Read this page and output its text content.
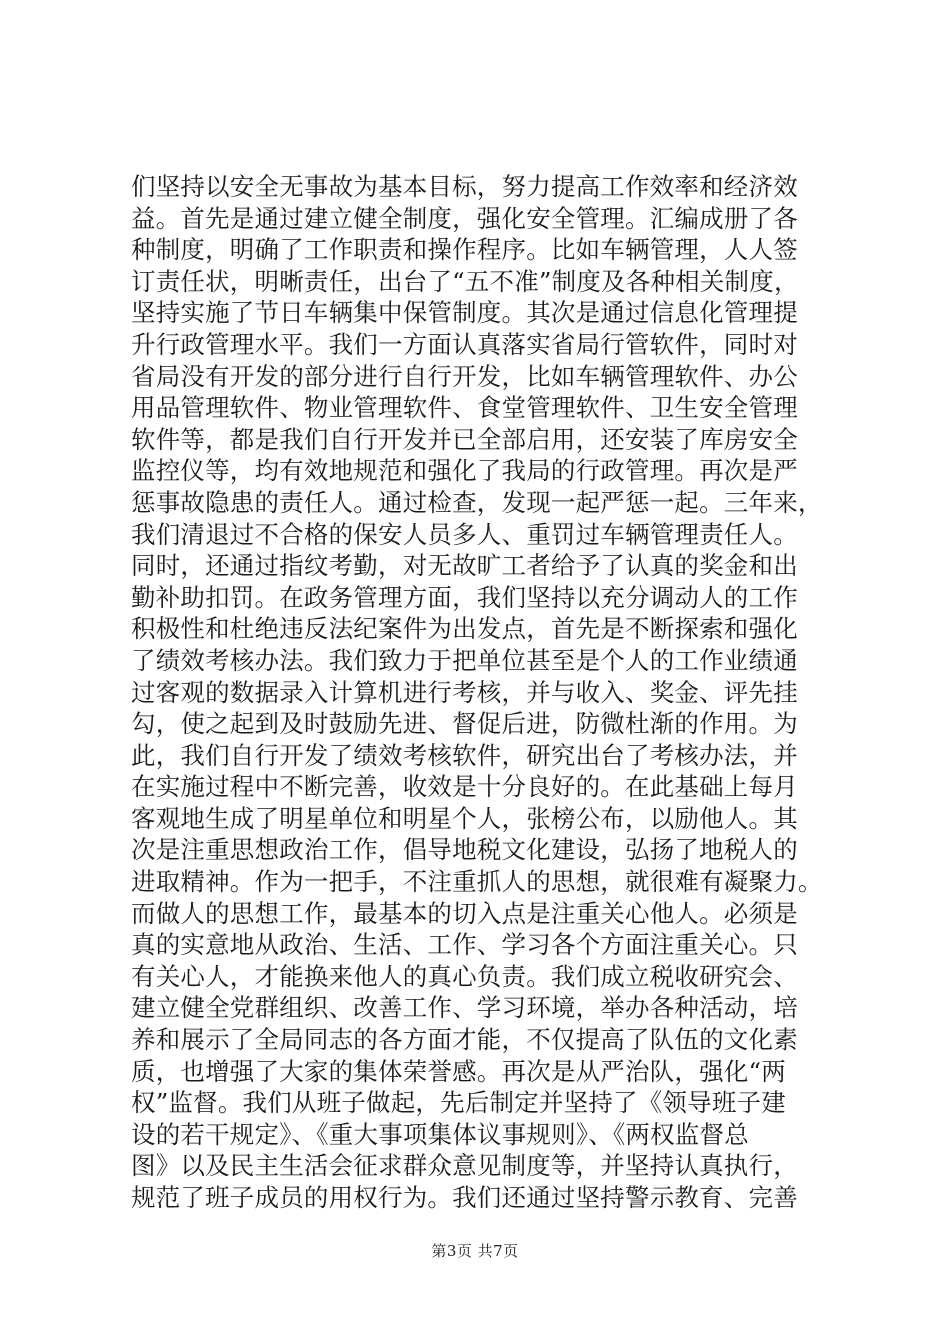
们坚持以安全无事故为基本目标，努力提高工作效率和经济效
益。首先是通过建立健全制度，强化安全管理。汇编成册了各
种制度，明确了工作职责和操作程序。比如车辆管理，人人签
订责任状，明晰责任，出台了“五不准”制度及各种相关制度，
坚持实施了节日车辆集中保管制度。其次是通过信息化管理提
升行政管理水平。我们一方面认真落实省局行管软件，同时对
省局没有开发的部分进行自行开发，比如车辆管理软件、办公
用品管理软件、物业管理软件、食堂管理软件、卫生安全管理
软件等，都是我们自行开发并已全部启用，还安装了库房安全
监控仪等，均有效地规范和强化了我局的行政管理。再次是严
惩事故隐患的责任人。通过检查，发现一起严惩一起。三年来，
我们清退过不合格的保安人员多人、重罚过车辆管理责任人。
同时，还通过指纹考勤，对无故旷工者给予了认真的奖金和出
勤补助扣罚。在政务管理方面，我们坚持以充分调动人的工作
积极性和杜绝违反法纪案件为出发点，首先是不断探索和强化
了绩效考核办法。我们致力于把单位甚至是个人的工作业绩通
过客观的数据录入计算机进行考核，并与收入、奖金、评先挂
勾，使之起到及时鼓励先进、督促后进，防微杜渐的作用。为
此，我们自行开发了绩效考核软件，研究出台了考核办法，并
在实施过程中不断完善，收效是十分良好的。在此基础上每月
客观地生成了明星单位和明星个人，张榜公布，以励他人。其
次是注重思想政治工作，倡导地税文化建设，弘扬了地税人的
进取精神。作为一把手，不注重抓人的思想，就很难有凝聚力。
而做人的思想工作，最基本的切入点是注重关心他人。必须是
真的实意地从政治、生活、工作、学习各个方面注重关心。只
有关心人，才能换来他人的真心负责。我们成立税收研究会、
建立健全党群组织、改善工作、学习环境，举办各种活动，培
养和展示了全局同志的各方面才能，不仅提高了队伍的文化素
质，也增强了大家的集体荣誉感。再次是从严治队，强化“两
权”监督。我们从班子做起，先后制定并坚持了《领导班子建
设的若干规定》、《重大事项集体议事规则》、《两权监督总
图》以及民主生活会征求群众意见制度等，并坚持认真执行，
规范了班子成员的用权行为。我们还通过坚持警示教育、完善
第3页 共7页
